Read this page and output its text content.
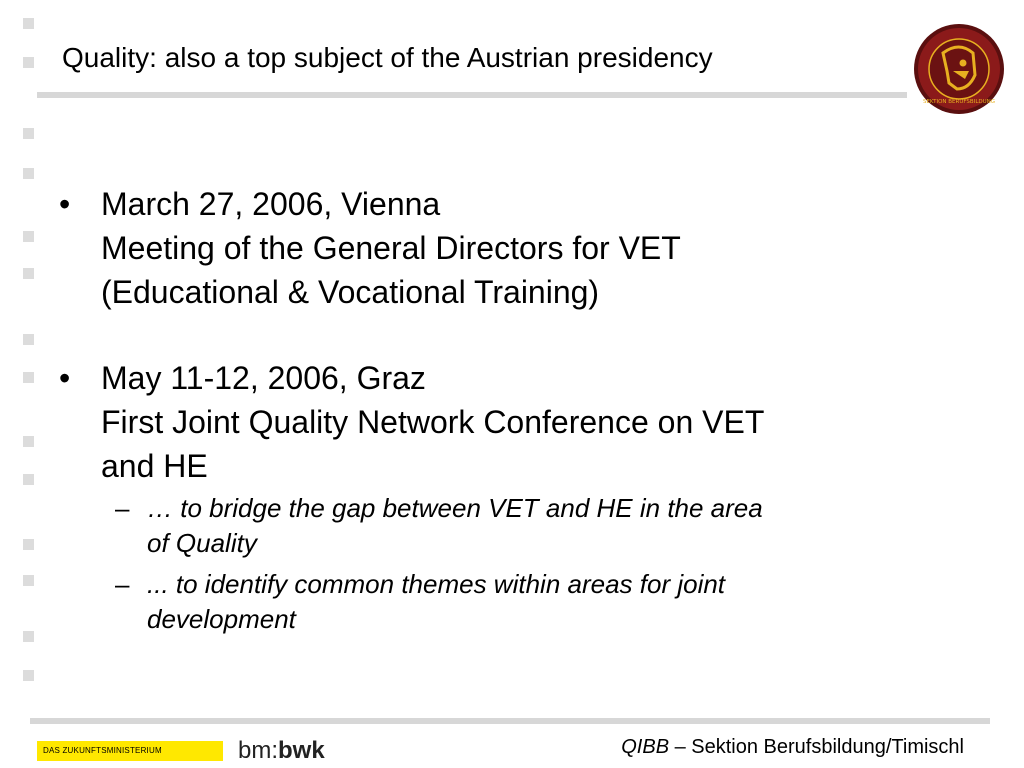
Quality: also a top subject of the Austrian presidency
SEKTION BERUFSBILDUNG
• March 27, 2006, Vienna
Meeting of the General Directors for VET
(Educational & Vocational Training)
• May 11-12, 2006, Graz
First Joint Quality Network Conference on VET
and HE
– … to bridge the gap between VET and HE in the area
of Quality
– ... to identify common themes within areas for joint
development
DAS ZUKUNFTSMINISTERIUM	bm:bwk	QIBB – Sektion Berufsbildung/Timischl
